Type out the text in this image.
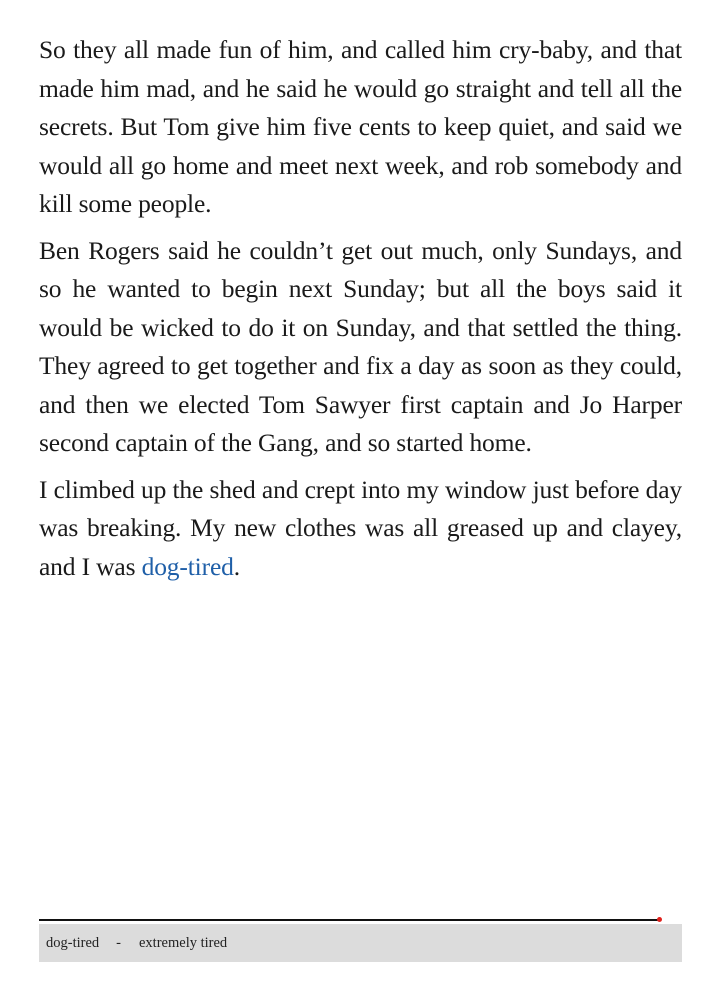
So they all made fun of him, and called him cry-baby, and that made him mad, and he said he would go straight and tell all the secrets. But Tom give him five cents to keep quiet, and said we would all go home and meet next week, and rob somebody and kill some people.

Ben Rogers said he couldn’t get out much, only Sundays, and so he wanted to begin next Sunday; but all the boys said it would be wicked to do it on Sunday, and that settled the thing. They agreed to get together and fix a day as soon as they could, and then we elected Tom Sawyer first captain and Jo Harper second captain of the Gang, and so started home.

I climbed up the shed and crept into my window just before day was breaking. My new clothes was all greased up and clayey, and I was dog-tired.

dog-tired - extremely tired
